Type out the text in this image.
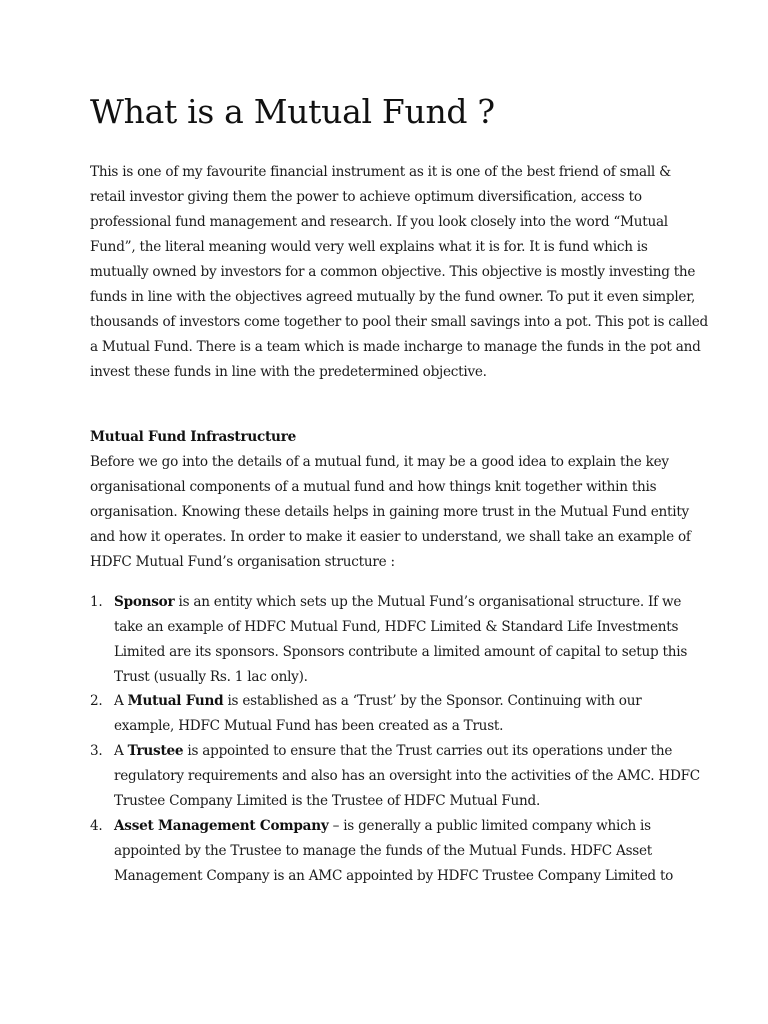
What is a Mutual Fund ?

This is one of my favourite financial instrument as it is one of the best friend of small &

retail investor giving them the power to achieve optimum diversification, access to

professional fund management and research. If you look closely into the word “Mutual

Fund”, the literal meaning would very well explains what it is for. It is fund which is

mutually owned by investors for a common objective. This objective is mostly investing the

funds in line with the objectives agreed mutually by the fund owner. To put it even simpler,

thousands of investors come together to pool their small savings into a pot. This pot is called

a Mutual Fund. There is a team which is made incharge to manage the funds in the pot and

invest these funds in line with the predetermined objective.

Mutual Fund Infrastructure

Before we go into the details of a mutual fund, it may be a good idea to explain the key

organisational components of a mutual fund and how things knit together within this

organisation. Knowing these details helps in gaining more trust in the Mutual Fund entity

and how it operates. In order to make it easier to understand, we shall take an example of

HDFC Mutual Fund’s organisation structure :

1. Sponsor is an entity which sets up the Mutual Fund’s organisational structure. If we

take an example of HDFC Mutual Fund, HDFC Limited & Standard Life Investments

Limited are its sponsors. Sponsors contribute a limited amount of capital to setup this

Trust (usually Rs. 1 lac only).

2. A Mutual Fund is established as a ‘Trust’ by the Sponsor. Continuing with our

example, HDFC Mutual Fund has been created as a Trust.

3. A Trustee is appointed to ensure that the Trust carries out its operations under the

regulatory requirements and also has an oversight into the activities of the AMC. HDFC

Trustee Company Limited is the Trustee of HDFC Mutual Fund.

4. Asset Management Company – is generally a public limited company which is

appointed by the Trustee to manage the funds of the Mutual Funds. HDFC Asset

Management Company is an AMC appointed by HDFC Trustee Company Limited to
